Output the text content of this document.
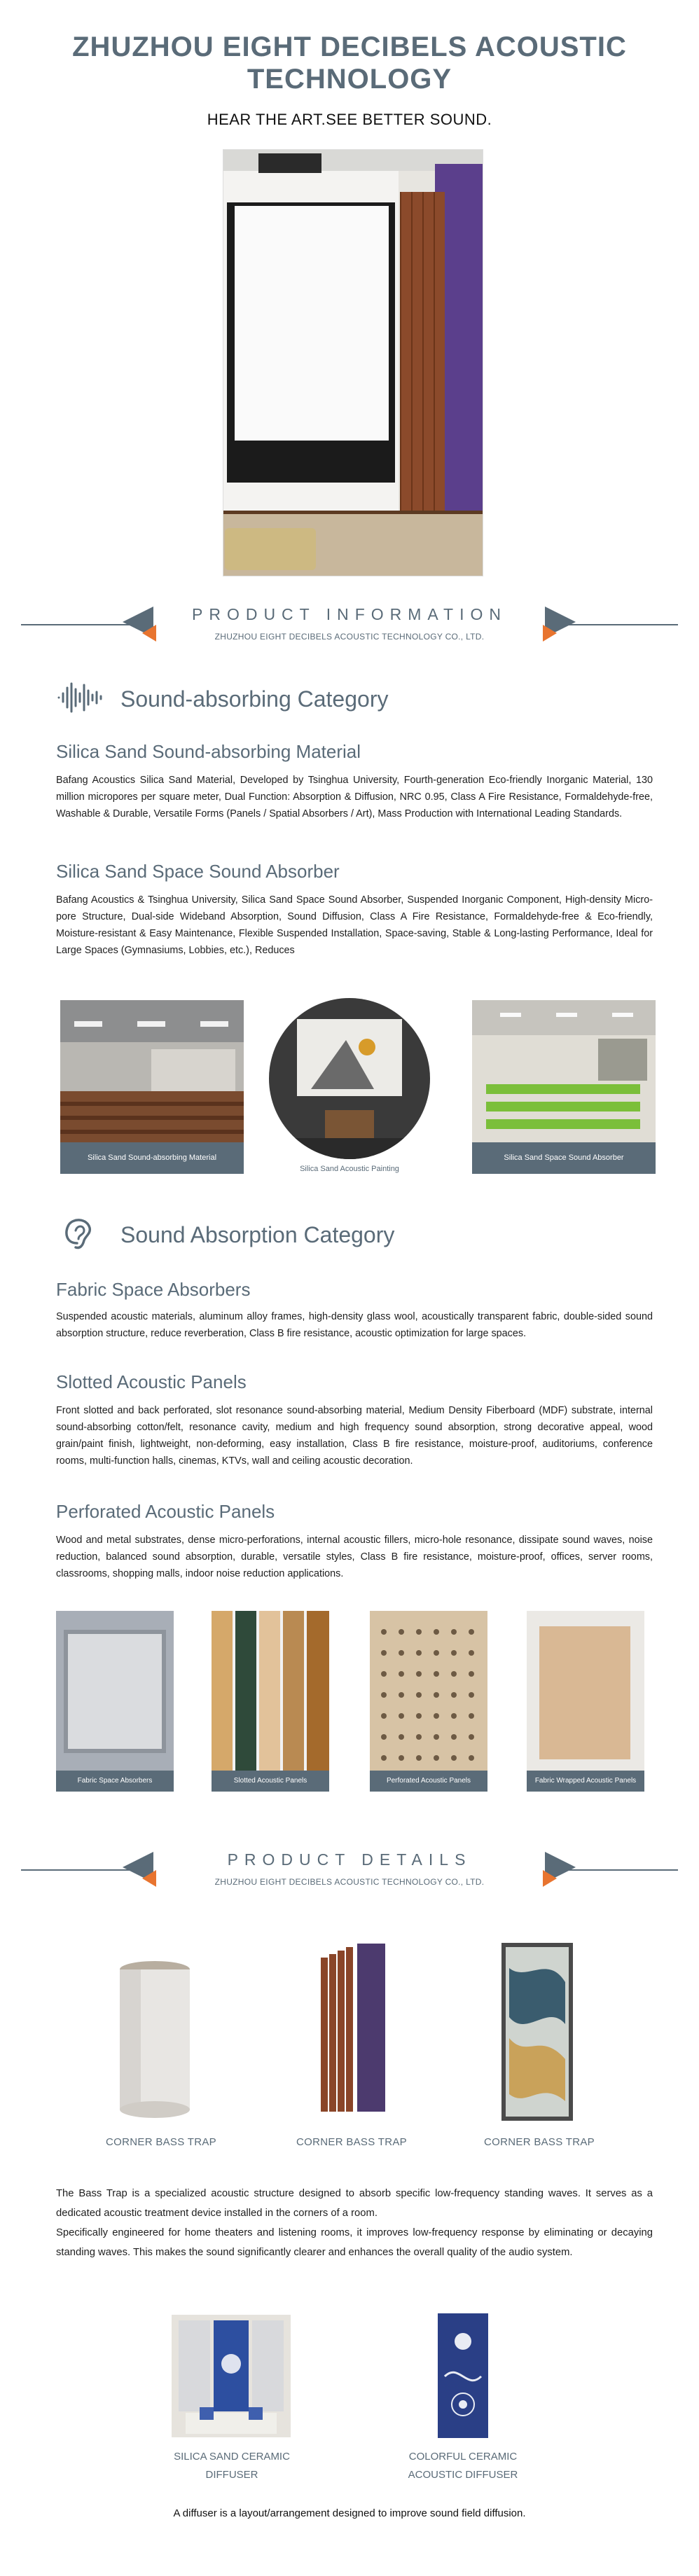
ZHUZHOU EIGHT DECIBELS ACOUSTIC TECHNOLOGY
HEAR THE ART.SEE BETTER SOUND.
PRODUCT INFORMATION
ZHUZHOU EIGHT DECIBELS ACOUSTIC TECHNOLOGY CO., LTD.
Sound-absorbing Category
Silica Sand Sound-absorbing Material
Bafang Acoustics Silica Sand Material, Developed by Tsinghua University, Fourth-generation Eco-friendly Inorganic Material, 130 million micropores per square meter, Dual Function: Absorption & Diffusion, NRC 0.95, Class A Fire Resistance, Formaldehyde-free, Washable & Durable, Versatile Forms (Panels / Spatial Absorbers / Art), Mass Production with International Leading Standards.
Silica Sand Space Sound Absorber
Bafang Acoustics & Tsinghua University, Silica Sand Space Sound Absorber, Suspended Inorganic Component, High-density Micro-pore Structure, Dual-side Wideband Absorption, Sound Diffusion, Class A Fire Resistance, Formaldehyde-free & Eco-friendly, Moisture-resistant & Easy Maintenance, Flexible Suspended Installation, Space-saving, Stable & Long-lasting Performance, Ideal for Large Spaces (Gymnasiums, Lobbies, etc.), Reduces
Silica Sand Sound-absorbing Material
Silica Sand Acoustic Painting
Silica Sand Space Sound Absorber
Sound Absorption Category
Fabric Space Absorbers
Suspended acoustic materials, aluminum alloy frames, high-density glass wool, acoustically transparent fabric, double-sided sound absorption structure, reduce reverberation, Class B fire resistance, acoustic optimization for large spaces.
Slotted Acoustic Panels
Front slotted and back perforated, slot resonance sound-absorbing material, Medium Density Fiberboard (MDF) substrate, internal sound-absorbing cotton/felt, resonance cavity, medium and high frequency sound absorption, strong decorative appeal, wood grain/paint finish, lightweight, non-deforming, easy installation, Class B fire resistance, moisture-proof, auditoriums, conference rooms, multi-function halls, cinemas, KTVs, wall and ceiling acoustic decoration.
Perforated Acoustic Panels
Wood and metal substrates, dense micro-perforations, internal acoustic fillers, micro-hole resonance, dissipate sound waves, noise reduction, balanced sound absorption, durable, versatile styles, Class B fire resistance, moisture-proof, offices, server rooms, classrooms, shopping malls, indoor noise reduction applications.
Fabric Space Absorbers	Slotted Acoustic Panels	Perforated Acoustic Panels	Fabric Wrapped Acoustic Panels
PRODUCT DETAILS
ZHUZHOU EIGHT DECIBELS ACOUSTIC TECHNOLOGY CO., LTD.
CORNER BASS TRAP	CORNER BASS TRAP	CORNER BASS TRAP

The Bass Trap is a specialized acoustic structure designed to absorb specific low-frequency standing waves. It serves as a dedicated acoustic treatment device installed in the corners of a room.

Specifically engineered for home theaters and listening rooms, it improves low-frequency response by eliminating or decaying standing waves. This makes the sound significantly clearer and enhances the overall quality of the audio system.

SILICA SAND CERAMIC DIFFUSER
COLORFUL CERAMIC ACOUSTIC DIFFUSER
A diffuser is a layout/arrangement designed to improve sound field diffusion.
